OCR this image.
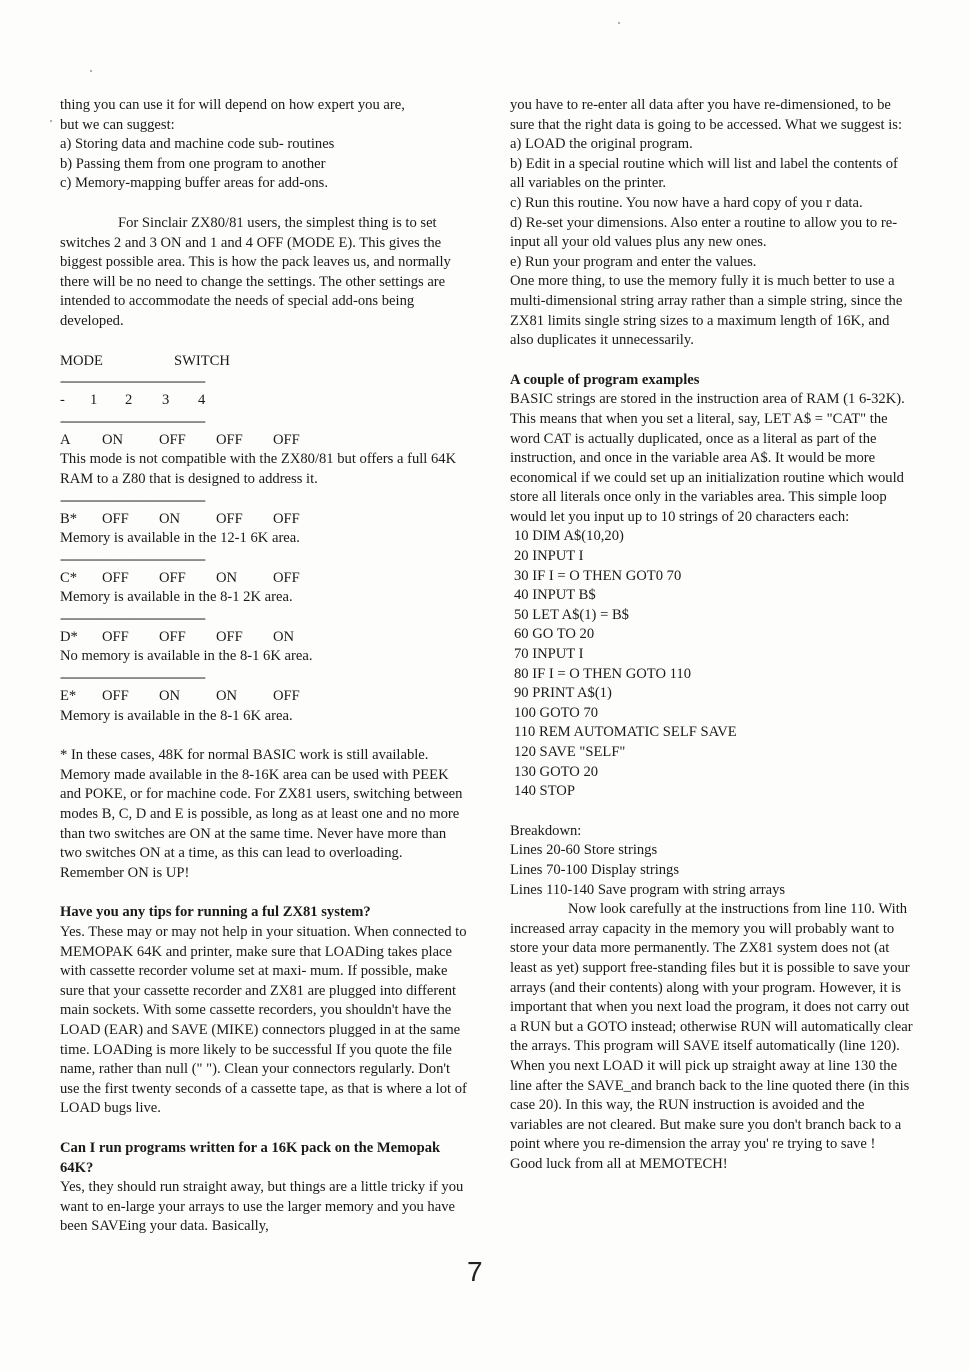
thing you can use it for will depend on how expert you are,

but we can suggest:

a) Storing data and machine code sub- routines

b) Passing them from one program to another

c) Memory-mapping buffer areas for add-ons.

For Sinclair ZX80/81 users, the simplest thing is to set switches 2 and 3 ON and 1 and 4 OFF (MODE E). This gives the biggest possible area. This is how the pack leaves us, and normally there will be no need to change the settings. The other settings are intended to accommodate the needs of special add-ons being developed.

MODE	SWITCH
---------------------------------------------------
- 1 2 3 4
---------------------------------------------------
A	ON	OFF	OFF	OFF

This mode is not compatible with the ZX80/81 but offers a full 64K RAM to a Z80 that is designed to address it.

---------------------------------------------------
B*	OFF	ON	OFF	OFF

Memory is available in the 12-1 6K area.

---------------------------------------------------
C*	OFF	OFF	ON	OFF

Memory is available in the 8-1 2K area.

---------------------------------------------------
D*	OFF	OFF	OFF	ON

No memory is available in the 8-1 6K area.

---------------------------------------------------
E*	OFF	ON	ON	OFF

Memory is available in the 8-1 6K area.

* In these cases, 48K for normal BASIC work is still available. Memory made available in the 8-16K area can be used with PEEK and POKE, or for machine code. For ZX81 users, switching between modes B, C, D and E is possible, as long as at least one and no more than two switches are ON at the same time. Never have more than two switches ON at a time, as this can lead to overloading. Remember ON is UP!

Have you any tips for running a ful ZX81 system?

Yes. These may or may not help in your situation. When connected to MEMOPAK 64K and printer, make sure that LOADing takes place with cassette recorder volume set at maxi- mum. If possible, make sure that your cassette recorder and ZX81 are plugged into different main sockets. With some cassette recorders, you shouldn't have the LOAD (EAR) and SAVE (MIKE) connectors plugged in at the same time. LOADing is more likely to be successful If you quote the file name, rather than null (" "). Clean your connectors regularly. Don't use the first twenty seconds of a cassette tape, as that is where a lot of LOAD bugs live.

Can I run programs written for a 16K pack on the Memopak 64K?

Yes, they should run straight away, but things are a little tricky if you want to en-large your arrays to use the larger memory and you have been SAVEing your data. Basically,

you have to re-enter all data after you have re-dimensioned, to be sure that the right data is going to be accessed. What we suggest is:

a) LOAD the original program.

b) Edit in a special routine which will list and label the contents of all variables on the printer.

c) Run this routine. You now have a hard copy of you r data.

d) Re-set your dimensions. Also enter a routine to allow you to re-input all your old values plus any new ones.

e) Run your program and enter the values.

One more thing, to use the memory fully it is much better to use a multi-dimensional string array rather than a simple string, since the ZX81 limits single string sizes to a maximum length of 16K, and also duplicates it unnecessarily.

A couple of program examples

BASIC strings are stored in the instruction area of RAM (1 6-32K). This means that when you set a literal, say, LET A$ = "CAT" the word CAT is actually duplicated, once as a literal as part of the instruction, and once in the variable area A$. It would be more economical if we could set up an initialization routine which would store all literals once only in the variables area. This simple loop would let you input up to 10 strings of 20 characters each:

10 DIM A$(10,20)

20 INPUT I

30 IF I = O THEN GOT0 70

40 INPUT B$

50 LET A$(1) = B$

60 GO TO 20

70 INPUT I

80 IF I = O THEN GOTO 110

90 PRINT A$(1)

100 GOTO 70

110 REM AUTOMATIC SELF SAVE

120 SAVE "SELF"

130 GOTO 20

140 STOP

Breakdown:

Lines 20-60 Store strings

Lines 70-100 Display strings

Lines 110-140 Save program with string arrays

Now look carefully at the instructions from line 110. With increased array capacity in the memory you will probably want to store your data more permanently. The ZX81 system does not (at least as yet) support free-standing files but it is possible to save your arrays (and their contents) along with your program. However, it is important that when you next load the program, it does not carry out a RUN but a GOTO instead; otherwise RUN will automatically clear the arrays. This program will SAVE itself automatically (line 120). When you next LOAD it will pick up straight away at line 130 the line after the SAVE_and branch back to the line quoted there (in this case 20). In this way, the RUN instruction is avoided and the variables are not cleared. But make sure you don't branch back to a point where you re-dimension the array you' re trying to save !

Good luck from all at MEMOTECH!

7
